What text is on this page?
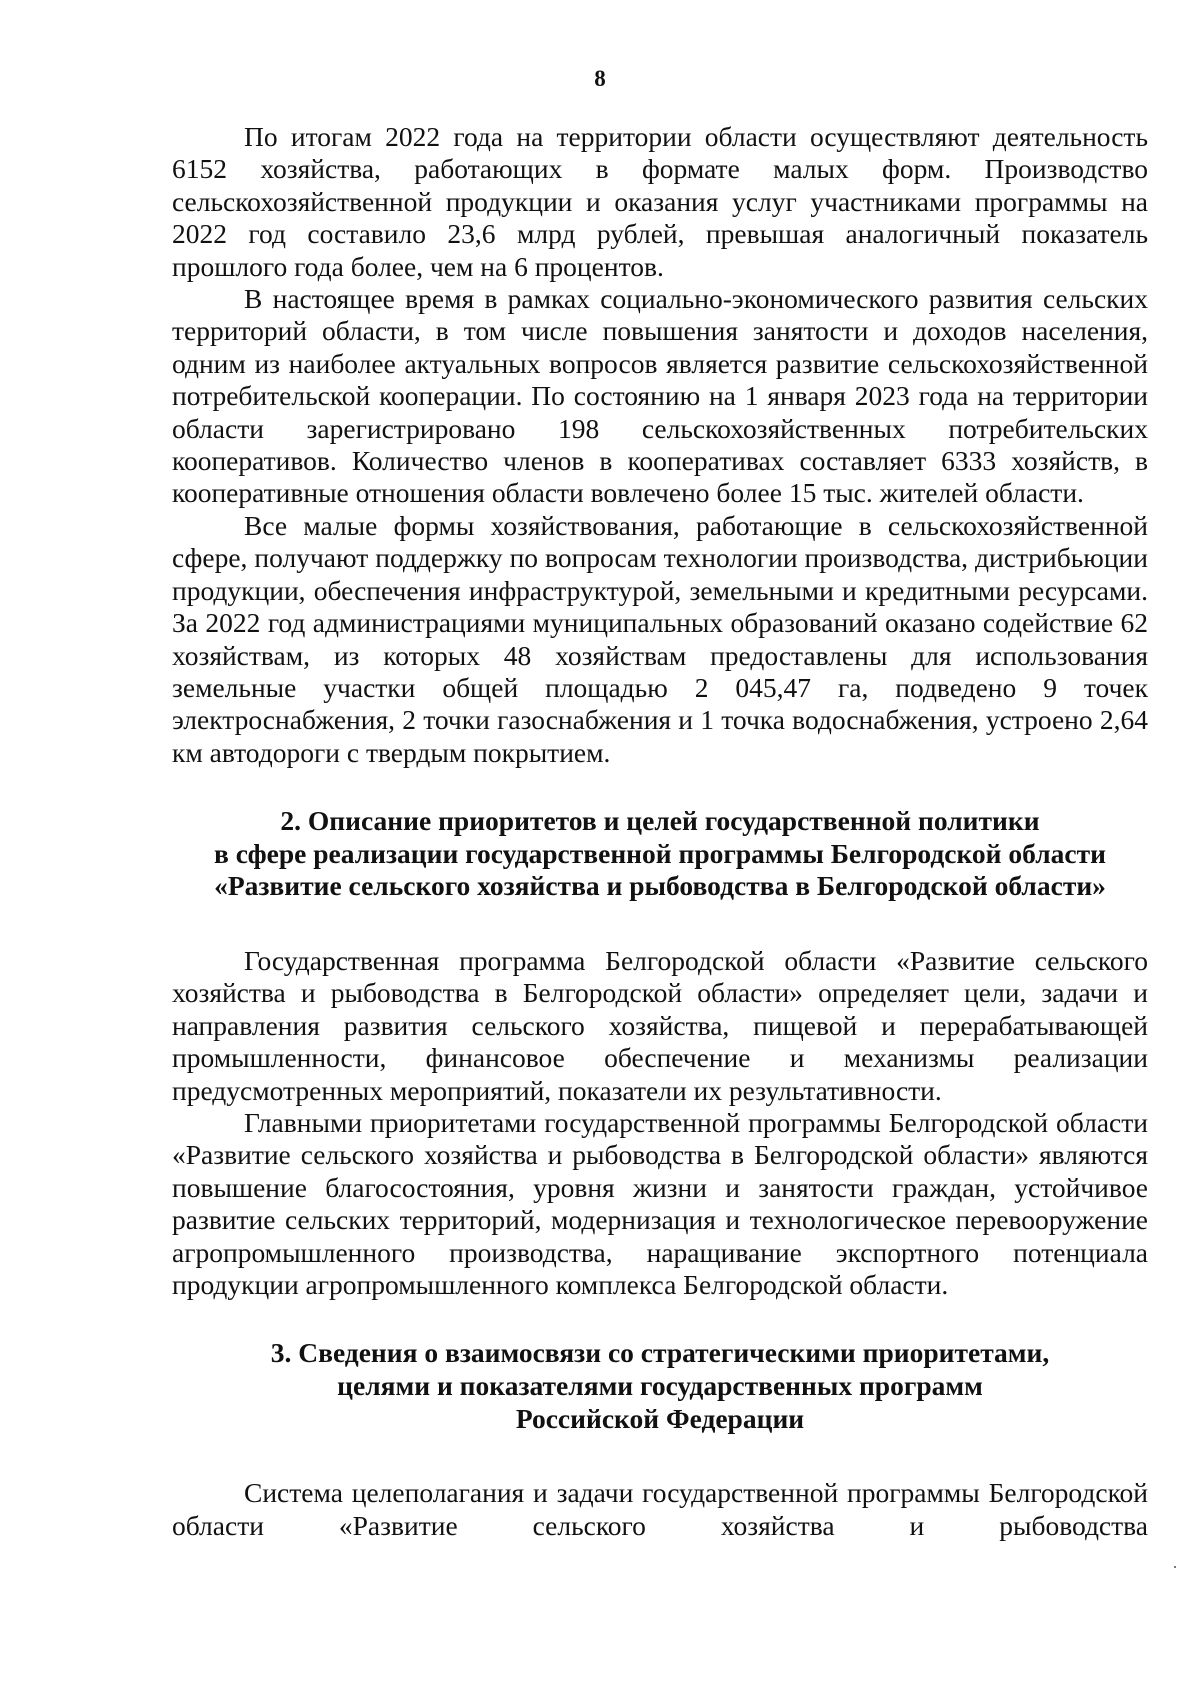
8

По итогам 2022 года на территории области осуществляют деятельность 6152 хозяйства, работающих в формате малых форм. Производство сельскохозяйственной продукции и оказания услуг участниками программы на 2022 год составило 23,6 млрд рублей, превышая аналогичный показатель прошлого года более, чем на 6 процентов.

В настоящее время в рамках социально-экономического развития сельских территорий области, в том числе повышения занятости и доходов населения, одним из наиболее актуальных вопросов является развитие сельскохозяйственной потребительской кооперации. По состоянию на 1 января 2023 года на территории области зарегистрировано 198 сельскохозяйственных потребительских кооперативов. Количество членов в кооперативах составляет 6333 хозяйств, в кооперативные отношения области вовлечено более 15 тыс. жителей области.

Все малые формы хозяйствования, работающие в сельскохозяйственной сфере, получают поддержку по вопросам технологии производства, дистрибьюции продукции, обеспечения инфраструктурой, земельными и кредитными ресурсами. За 2022 год администрациями муниципальных образований оказано содействие 62 хозяйствам, из которых 48 хозяйствам предоставлены для использования земельные участки общей площадью 2 045,47 га, подведено 9 точек электроснабжения, 2 точки газоснабжения и 1 точка водоснабжения, устроено 2,64 км автодороги с твердым покрытием.

2. Описание приоритетов и целей государственной политики
в сфере реализации государственной программы Белгородской области
«Развитие сельского хозяйства и рыбоводства в Белгородской области»

Государственная программа Белгородской области «Развитие сельского хозяйства и рыбоводства в Белгородской области» определяет цели, задачи и направления развития сельского хозяйства, пищевой и перерабатывающей промышленности, финансовое обеспечение и механизмы реализации предусмотренных мероприятий, показатели их результативности.

Главными приоритетами государственной программы Белгородской области «Развитие сельского хозяйства и рыбоводства в Белгородской области» являются повышение благосостояния, уровня жизни и занятости граждан, устойчивое развитие сельских территорий, модернизация и технологическое перевооружение агропромышленного производства, наращивание экспортного потенциала продукции агропромышленного комплекса Белгородской области.

3. Сведения о взаимосвязи со стратегическими приоритетами,
целями и показателями государственных программ
Российской Федерации

Система целеполагания и задачи государственной программы Белгородской области «Развитие сельского хозяйства и рыбоводства
